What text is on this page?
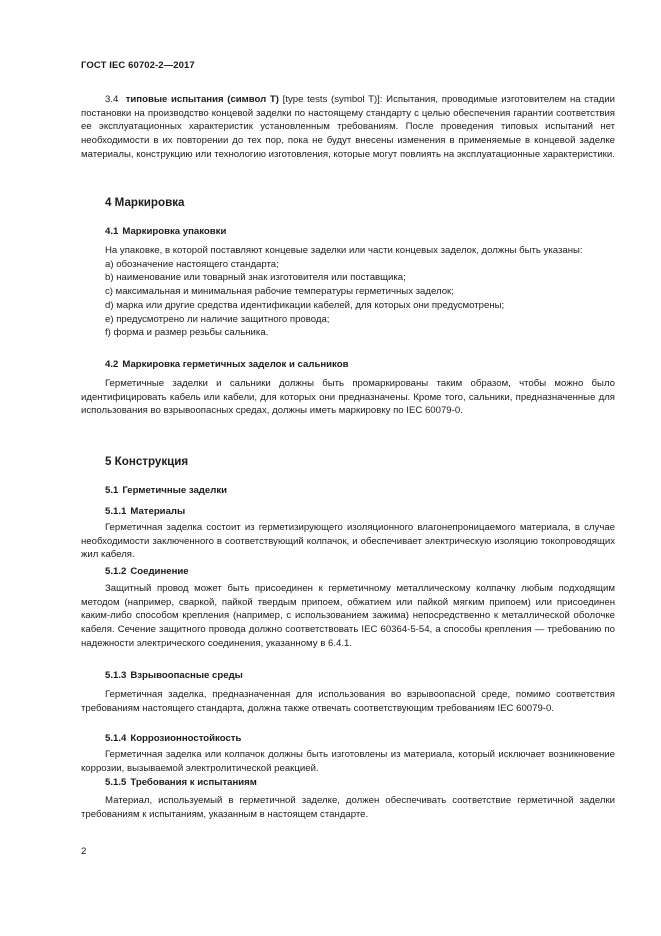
ГОСТ IEC 60702-2—2017

3.4 типовые испытания (символ Т) [type tests (symbol T)]: Испытания, проводимые изготовителем на стадии постановки на производство концевой заделки по настоящему стандарту с целью обеспечения гарантии соответствия ее эксплуатационных характеристик установленным требованиям. После проведения типовых испытаний нет необходимости в их повторении до тех пор, пока не будут внесены изменения в применяемые в концевой заделке материалы, конструкцию или технологию изготовления, которые могут повлиять на эксплуатационные характеристики.

4 Маркировка
4.1 Маркировка упаковки

На упаковке, в которой поставляют концевые заделки или части концевых заделок, должны быть указаны:

a) обозначение настоящего стандарта;

b) наименование или товарный знак изготовителя или поставщика;

c) максимальная и минимальная рабочие температуры герметичных заделок;

d) марка или другие средства идентификации кабелей, для которых они предусмотрены;

e) предусмотрено ли наличие защитного провода;

f) форма и размер резьбы сальника.

4.2 Маркировка герметичных заделок и сальников

Герметичные заделки и сальники должны быть промаркированы таким образом, чтобы можно было идентифицировать кабель или кабели, для которых они предназначены. Кроме того, сальники, предназначенные для использования во взрывоопасных средах, должны иметь маркировку по IEC 60079-0.

5 Конструкция
5.1 Герметичные заделки
5.1.1 Материалы

Герметичная заделка состоит из герметизирующего изоляционного влагонепроницаемого материала, в случае необходимости заключенного в соответствующий колпачок, и обеспечивает электрическую изоляцию токопроводящих жил кабеля.

5.1.2 Соединение

Защитный провод может быть присоединен к герметичному металлическому колпачку любым подходящим методом (например, сваркой, пайкой твердым припоем, обжатием или пайкой мягким припоем) или присоединен каким-либо способом крепления (например, с использованием зажима) непосредственно к металлической оболочке кабеля. Сечение защитного провода должно соответствовать IEC 60364-5-54, а способы крепления — требованию по надежности электрического соединения, указанному в 6.4.1.

5.1.3 Взрывоопасные среды

Герметичная заделка, предназначенная для использования во взрывоопасной среде, помимо соответствия требованиям настоящего стандарта, должна также отвечать соответствующим требованиям IEC 60079-0.

5.1.4 Коррозионностойкость

Герметичная заделка или колпачок должны быть изготовлены из материала, который исключает возникновение коррозии, вызываемой электролитической реакцией.

5.1.5 Требования к испытаниям

Материал, используемый в герметичной заделке, должен обеспечивать соответствие герметичной заделки требованиям к испытаниям, указанным в настоящем стандарте.

2
